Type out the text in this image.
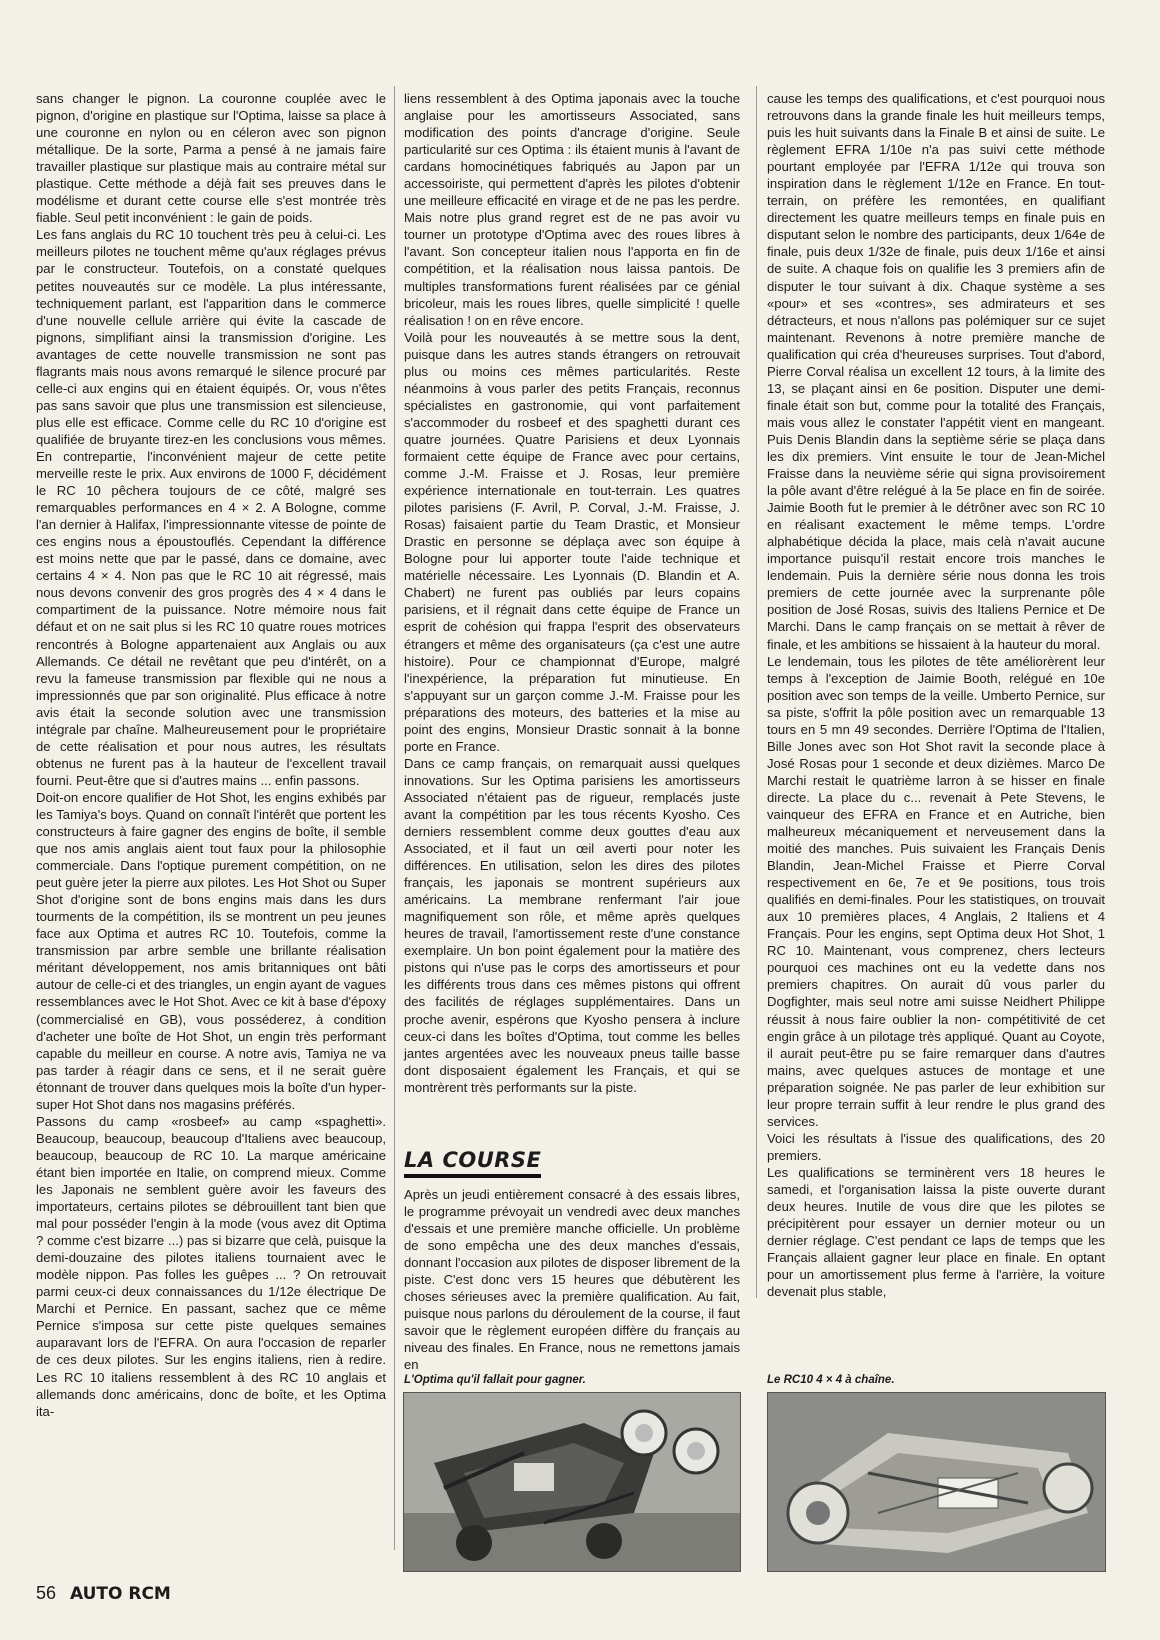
sans changer le pignon. La couronne couplée avec le pignon, d'origine en plastique sur l'Optima, laisse sa place à une couronne en nylon ou en céleron avec son pignon métallique. De la sorte, Parma a pensé à ne jamais faire travailler plastique sur plastique mais au contraire métal sur plastique. Cette méthode a déjà fait ses preuves dans le modélisme et durant cette course elle s'est montrée très fiable. Seul petit inconvénient : le gain de poids.

Les fans anglais du RC 10 touchent très peu à celui-ci. Les meilleurs pilotes ne touchent même qu'aux réglages prévus par le constructeur. Toutefois, on a constaté quelques petites nouveautés sur ce modèle. La plus intéressante, techniquement parlant, est l'apparition dans le commerce d'une nouvelle cellule arrière qui évite la cascade de pignons, simplifiant ainsi la transmission d'origine. Les avantages de cette nouvelle transmission ne sont pas flagrants mais nous avons remarqué le silence procuré par celle-ci aux engins qui en étaient équipés. Or, vous n'êtes pas sans savoir que plus une transmission est silencieuse, plus elle est efficace. Comme celle du RC 10 d'origine est qualifiée de bruyante tirez-en les conclusions vous mêmes. En contrepartie, l'inconvénient majeur de cette petite merveille reste le prix. Aux environs de 1000 F, décidément le RC 10 pêchera toujours de ce côté, malgré ses remarquables performances en 4 × 2. A Bologne, comme l'an dernier à Halifax, l'impressionnante vitesse de pointe de ces engins nous a époustouflés. Cependant la différence est moins nette que par le passé, dans ce domaine, avec certains 4 × 4. Non pas que le RC 10 ait régressé, mais nous devons convenir des gros progrès des 4 × 4 dans le compartiment de la puissance. Notre mémoire nous fait défaut et on ne sait plus si les RC 10 quatre roues motrices rencontrés à Bologne appartenaient aux Anglais ou aux Allemands. Ce détail ne revêtant que peu d'intérêt, on a revu la fameuse transmission par flexible qui ne nous a impressionnés que par son originalité. Plus efficace à notre avis était la seconde solution avec une transmission intégrale par chaîne. Malheureusement pour le propriétaire de cette réalisation et pour nous autres, les résultats obtenus ne furent pas à la hauteur de l'excellent travail fourni. Peut-être que si d'autres mains ... enfin passons.

Doit-on encore qualifier de Hot Shot, les engins exhibés par les Tamiya's boys. Quand on connaît l'intérêt que portent les constructeurs à faire gagner des engins de boîte, il semble que nos amis anglais aient tout faux pour la philosophie commerciale. Dans l'optique purement compétition, on ne peut guère jeter la pierre aux pilotes. Les Hot Shot ou Super Shot d'origine sont de bons engins mais dans les durs tourments de la compétition, ils se montrent un peu jeunes face aux Optima et autres RC 10. Toutefois, comme la transmission par arbre semble une brillante réalisation méritant développement, nos amis britanniques ont bâti autour de celle-ci et des triangles, un engin ayant de vagues ressemblances avec le Hot Shot. Avec ce kit à base d'époxy (commercialisé en GB), vous posséderez, à condition d'acheter une boîte de Hot Shot, un engin très performant capable du meilleur en course. A notre avis, Tamiya ne va pas tarder à réagir dans ce sens, et il ne serait guère étonnant de trouver dans quelques mois la boîte d'un hyper-super Hot Shot dans nos magasins préférés.

Passons du camp «rosbeef» au camp «spaghetti». Beaucoup, beaucoup, beaucoup d'Italiens avec beaucoup, beaucoup, beaucoup de RC 10. La marque américaine étant bien importée en Italie, on comprend mieux. Comme les Japonais ne semblent guère avoir les faveurs des importateurs, certains pilotes se débrouillent tant bien que mal pour posséder l'engin à la mode (vous avez dit Optima ? comme c'est bizarre ...) pas si bizarre que celà, puisque la demi-douzaine des pilotes italiens tournaient avec le modèle nippon. Pas folles les guêpes ... ? On retrouvait parmi ceux-ci deux connaissances du 1/12e électrique De Marchi et Pernice. En passant, sachez que ce même Pernice s'imposa sur cette piste quelques semaines auparavant lors de l'EFRA. On aura l'occasion de reparler de ces deux pilotes. Sur les engins italiens, rien à redire. Les RC 10 italiens ressemblent à des RC 10 anglais et allemands donc américains, donc de boîte, et les Optima ita-

liens ressemblent à des Optima japonais avec la touche anglaise pour les amortisseurs Associated, sans modification des points d'ancrage d'origine. Seule particularité sur ces Optima : ils étaient munis à l'avant de cardans homocinétiques fabriqués au Japon par un accessoiriste, qui permettent d'après les pilotes d'obtenir une meilleure efficacité en virage et de ne pas les perdre. Mais notre plus grand regret est de ne pas avoir vu tourner un prototype d'Optima avec des roues libres à l'avant. Son concepteur italien nous l'apporta en fin de compétition, et la réalisation nous laissa pantois. De multiples transformations furent réalisées par ce génial bricoleur, mais les roues libres, quelle simplicité ! quelle réalisation ! on en rêve encore.

Voilà pour les nouveautés à se mettre sous la dent, puisque dans les autres stands étrangers on retrouvait plus ou moins ces mêmes particularités. Reste néanmoins à vous parler des petits Français, reconnus spécialistes en gastronomie, qui vont parfaitement s'accommoder du rosbeef et des spaghetti durant ces quatre journées. Quatre Parisiens et deux Lyonnais formaient cette équipe de France avec pour certains, comme J.-M. Fraisse et J. Rosas, leur première expérience internationale en tout-terrain. Les quatres pilotes parisiens (F. Avril, P. Corval, J.-M. Fraisse, J. Rosas) faisaient partie du Team Drastic, et Monsieur Drastic en personne se déplaça avec son équipe à Bologne pour lui apporter toute l'aide technique et matérielle nécessaire. Les Lyonnais (D. Blandin et A. Chabert) ne furent pas oubliés par leurs copains parisiens, et il régnait dans cette équipe de France un esprit de cohésion qui frappa l'esprit des observateurs étrangers et même des organisateurs (ça c'est une autre histoire). Pour ce championnat d'Europe, malgré l'inexpérience, la préparation fut minutieuse. En s'appuyant sur un garçon comme J.-M. Fraisse pour les préparations des moteurs, des batteries et la mise au point des engins, Monsieur Drastic sonnait à la bonne porte en France.

Dans ce camp français, on remarquait aussi quelques innovations. Sur les Optima parisiens les amortisseurs Associated n'étaient pas de rigueur, remplacés juste avant la compétition par les tous récents Kyosho. Ces derniers ressemblent comme deux gouttes d'eau aux Associated, et il faut un œil averti pour noter les différences. En utilisation, selon les dires des pilotes français, les japonais se montrent supérieurs aux américains. La membrane renfermant l'air joue magnifiquement son rôle, et même après quelques heures de travail, l'amortissement reste d'une constance exemplaire. Un bon point également pour la matière des pistons qui n'use pas le corps des amortisseurs et pour les différents trous dans ces mêmes pistons qui offrent des facilités de réglages supplémentaires. Dans un proche avenir, espérons que Kyosho pensera à inclure ceux-ci dans les boîtes d'Optima, tout comme les belles jantes argentées avec les nouveaux pneus taille basse dont disposaient également les Français, et qui se montrèrent très performants sur la piste.

LA COURSE

Après un jeudi entièrement consacré à des essais libres, le programme prévoyait un vendredi avec deux manches d'essais et une première manche officielle. Un problème de sono empêcha une des deux manches d'essais, donnant l'occasion aux pilotes de disposer librement de la piste. C'est donc vers 15 heures que débutèrent les choses sérieuses avec la première qualification. Au fait, puisque nous parlons du déroulement de la course, il faut savoir que le règlement européen diffère du français au niveau des finales. En France, nous ne remettons jamais en

cause les temps des qualifications, et c'est pourquoi nous retrouvons dans la grande finale les huit meilleurs temps, puis les huit suivants dans la Finale B et ainsi de suite. Le règlement EFRA 1/10e n'a pas suivi cette méthode pourtant employée par l'EFRA 1/12e qui trouva son inspiration dans le règlement 1/12e en France. En tout-terrain, on préfère les remontées, en qualifiant directement les quatre meilleurs temps en finale puis en disputant selon le nombre des participants, deux 1/64e de finale, puis deux 1/32e de finale, puis deux 1/16e et ainsi de suite. A chaque fois on qualifie les 3 premiers afin de disputer le tour suivant à dix. Chaque système a ses «pour» et ses «contres», ses admirateurs et ses détracteurs, et nous n'allons pas polémiquer sur ce sujet maintenant. Revenons à notre première manche de qualification qui créa d'heureuses surprises. Tout d'abord, Pierre Corval réalisa un excellent 12 tours, à la limite des 13, se plaçant ainsi en 6e position. Disputer une demi-finale était son but, comme pour la totalité des Français, mais vous allez le constater l'appétit vient en mangeant. Puis Denis Blandin dans la septième série se plaça dans les dix premiers. Vint ensuite le tour de Jean-Michel Fraisse dans la neuvième série qui signa provisoirement la pôle avant d'être relégué à la 5e place en fin de soirée. Jaimie Booth fut le premier à le détrôner avec son RC 10 en réalisant exactement le même temps. L'ordre alphabétique décida la place, mais celà n'avait aucune importance puisqu'il restait encore trois manches le lendemain. Puis la dernière série nous donna les trois premiers de cette journée avec la surprenante pôle position de José Rosas, suivis des Italiens Pernice et De Marchi. Dans le camp français on se mettait à rêver de finale, et les ambitions se hissaient à la hauteur du moral.

Le lendemain, tous les pilotes de tête améliorèrent leur temps à l'exception de Jaimie Booth, relégué en 10e position avec son temps de la veille. Umberto Pernice, sur sa piste, s'offrit la pôle position avec un remarquable 13 tours en 5 mn 49 secondes. Derrière l'Optima de l'Italien, Bille Jones avec son Hot Shot ravit la seconde place à José Rosas pour 1 seconde et deux dizièmes. Marco De Marchi restait le quatrième larron à se hisser en finale directe. La place du c... revenait à Pete Stevens, le vainqueur des EFRA en France et en Autriche, bien malheureux mécaniquement et nerveusement dans la moitié des manches. Puis suivaient les Français Denis Blandin, Jean-Michel Fraisse et Pierre Corval respectivement en 6e, 7e et 9e positions, tous trois qualifiés en demi-finales. Pour les statistiques, on trouvait aux 10 premières places, 4 Anglais, 2 Italiens et 4 Français. Pour les engins, sept Optima deux Hot Shot, 1 RC 10. Maintenant, vous comprenez, chers lecteurs pourquoi ces machines ont eu la vedette dans nos premiers chapitres. On aurait dû vous parler du Dogfighter, mais seul notre ami suisse Neidhert Philippe réussit à nous faire oublier la non- compétitivité de cet engin grâce à un pilotage très appliqué. Quant au Coyote, il aurait peut-être pu se faire remarquer dans d'autres mains, avec quelques astuces de montage et une préparation soignée. Ne pas parler de leur exhibition sur leur propre terrain suffit à leur rendre le plus grand des services.

Voici les résultats à l'issue des qualifications, des 20 premiers.

Les qualifications se terminèrent vers 18 heures le samedi, et l'organisation laissa la piste ouverte durant deux heures. Inutile de vous dire que les pilotes se précipitèrent pour essayer un dernier moteur ou un dernier réglage. C'est pendant ce laps de temps que les Français allaient gagner leur place en finale. En optant pour un amortissement plus ferme à l'arrière, la voiture devenait plus stable,

L'Optima qu'il fallait pour gagner.	Le RC10 4 × 4 à chaîne.
56 AUTO RCM
